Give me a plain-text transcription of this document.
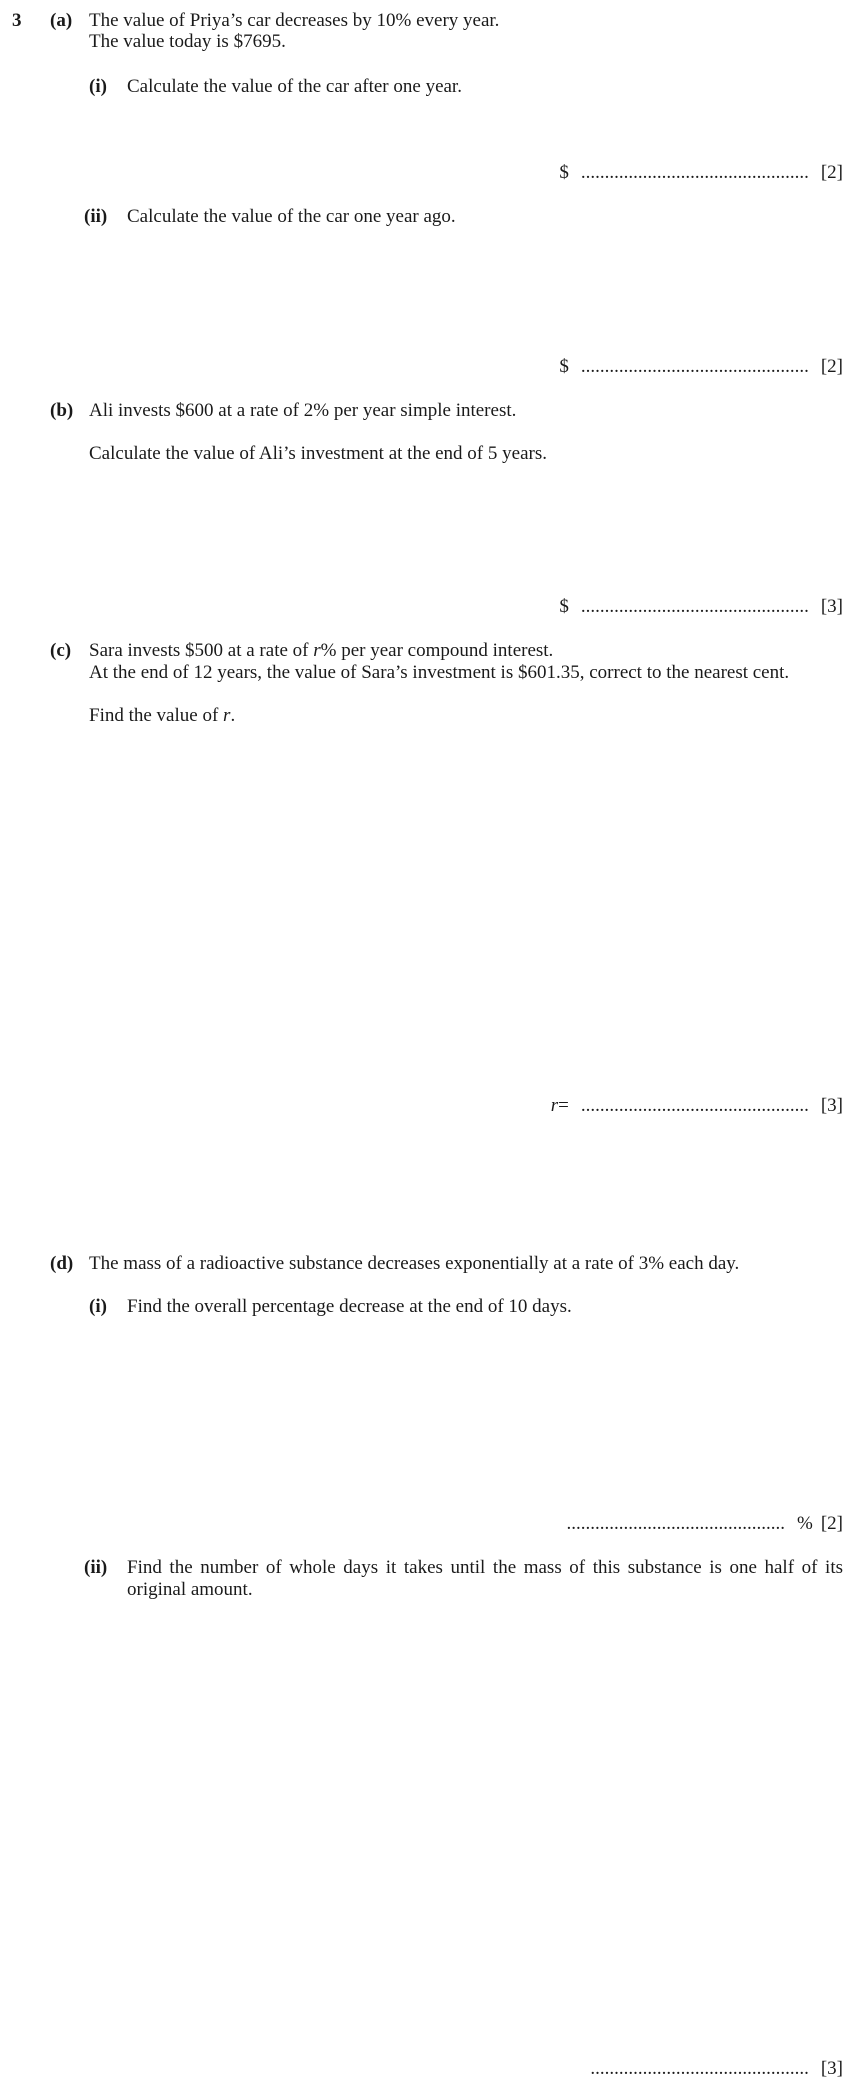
3 (a) The value of Priya’s car decreases by 10% every year.
The value today is $7695.
(i) Calculate the value of the car after one year.
$ ................................................ [2]
(ii) Calculate the value of the car one year ago.
$ ................................................ [2]
(b) Ali invests $600 at a rate of 2% per year simple interest.
Calculate the value of Ali’s investment at the end of 5 years.
$ ................................................ [3]
(c) Sara invests $500 at a rate of r% per year compound interest.
At the end of 12 years, the value of Sara’s investment is $601.35, correct to the nearest cent.
Find the value of r.
r = ................................................ [3]
(d) The mass of a radioactive substance decreases exponentially at a rate of 3% each day.
(i) Find the overall percentage decrease at the end of 10 days.
.............................................. % [2]
(ii) Find the number of whole days it takes until the mass of this substance is one half of its original amount.
.............................................. [3]
